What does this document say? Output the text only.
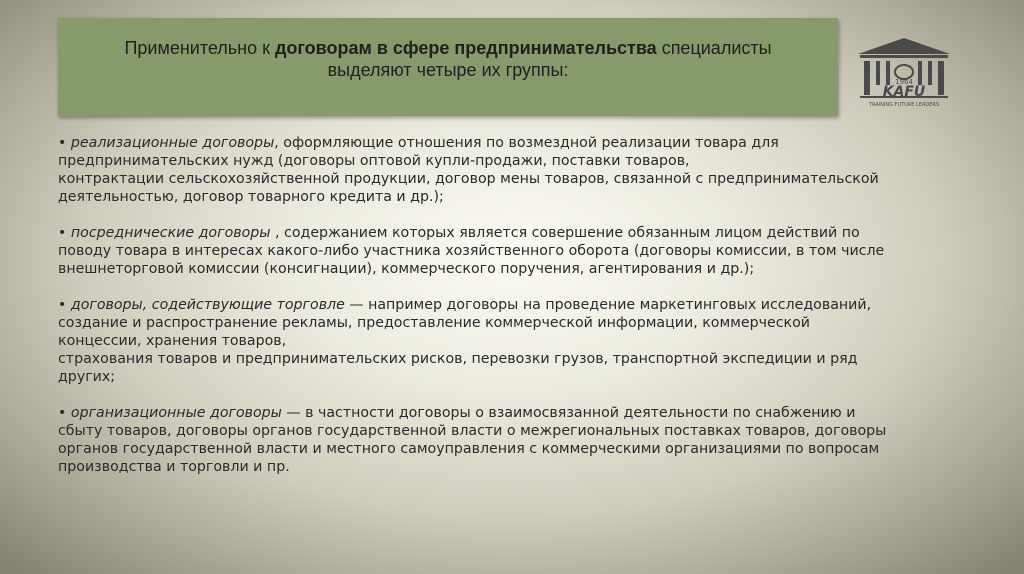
Применительно к договорам в сфере предпринимательства специалисты
выделяют четыре их группы:
1964
KAFU
TRAINING FUTURE LEADERS

• реализационные договоры, оформляющие отношения по возмездной реализации товара для
предпринимательских нужд (договоры оптовой купли-продажи, поставки товаров,
контрактации сельскохозяйственной продукции, договор мены товаров, связанной с предпринимательской
деятельностью, договор товарного кредита и др.);

• посреднические договоры , содержанием которых является совершение обязанным лицом действий по
поводу товара в интересах какого-либо участника хозяйственного оборота (договоры комиссии, в том числе
внешнеторговой комиссии (консигнации), коммерческого поручения, агентирования и др.);

• договоры, содействующие торговле — например договоры на проведение маркетинговых исследований,
создание и распространение рекламы, предоставление коммерческой информации, коммерческой
концессии, хранения товаров,
страхования товаров и предпринимательских рисков, перевозки грузов, транспортной экспедиции и ряд
других;

• организационные договоры — в частности договоры о взаимосвязанной деятельности по снабжению и
сбыту товаров, договоры органов государственной власти о межрегиональных поставках товаров, договоры
органов государственной власти и местного самоуправления с коммерческими организациями по вопросам
производства и торговли и пр.
